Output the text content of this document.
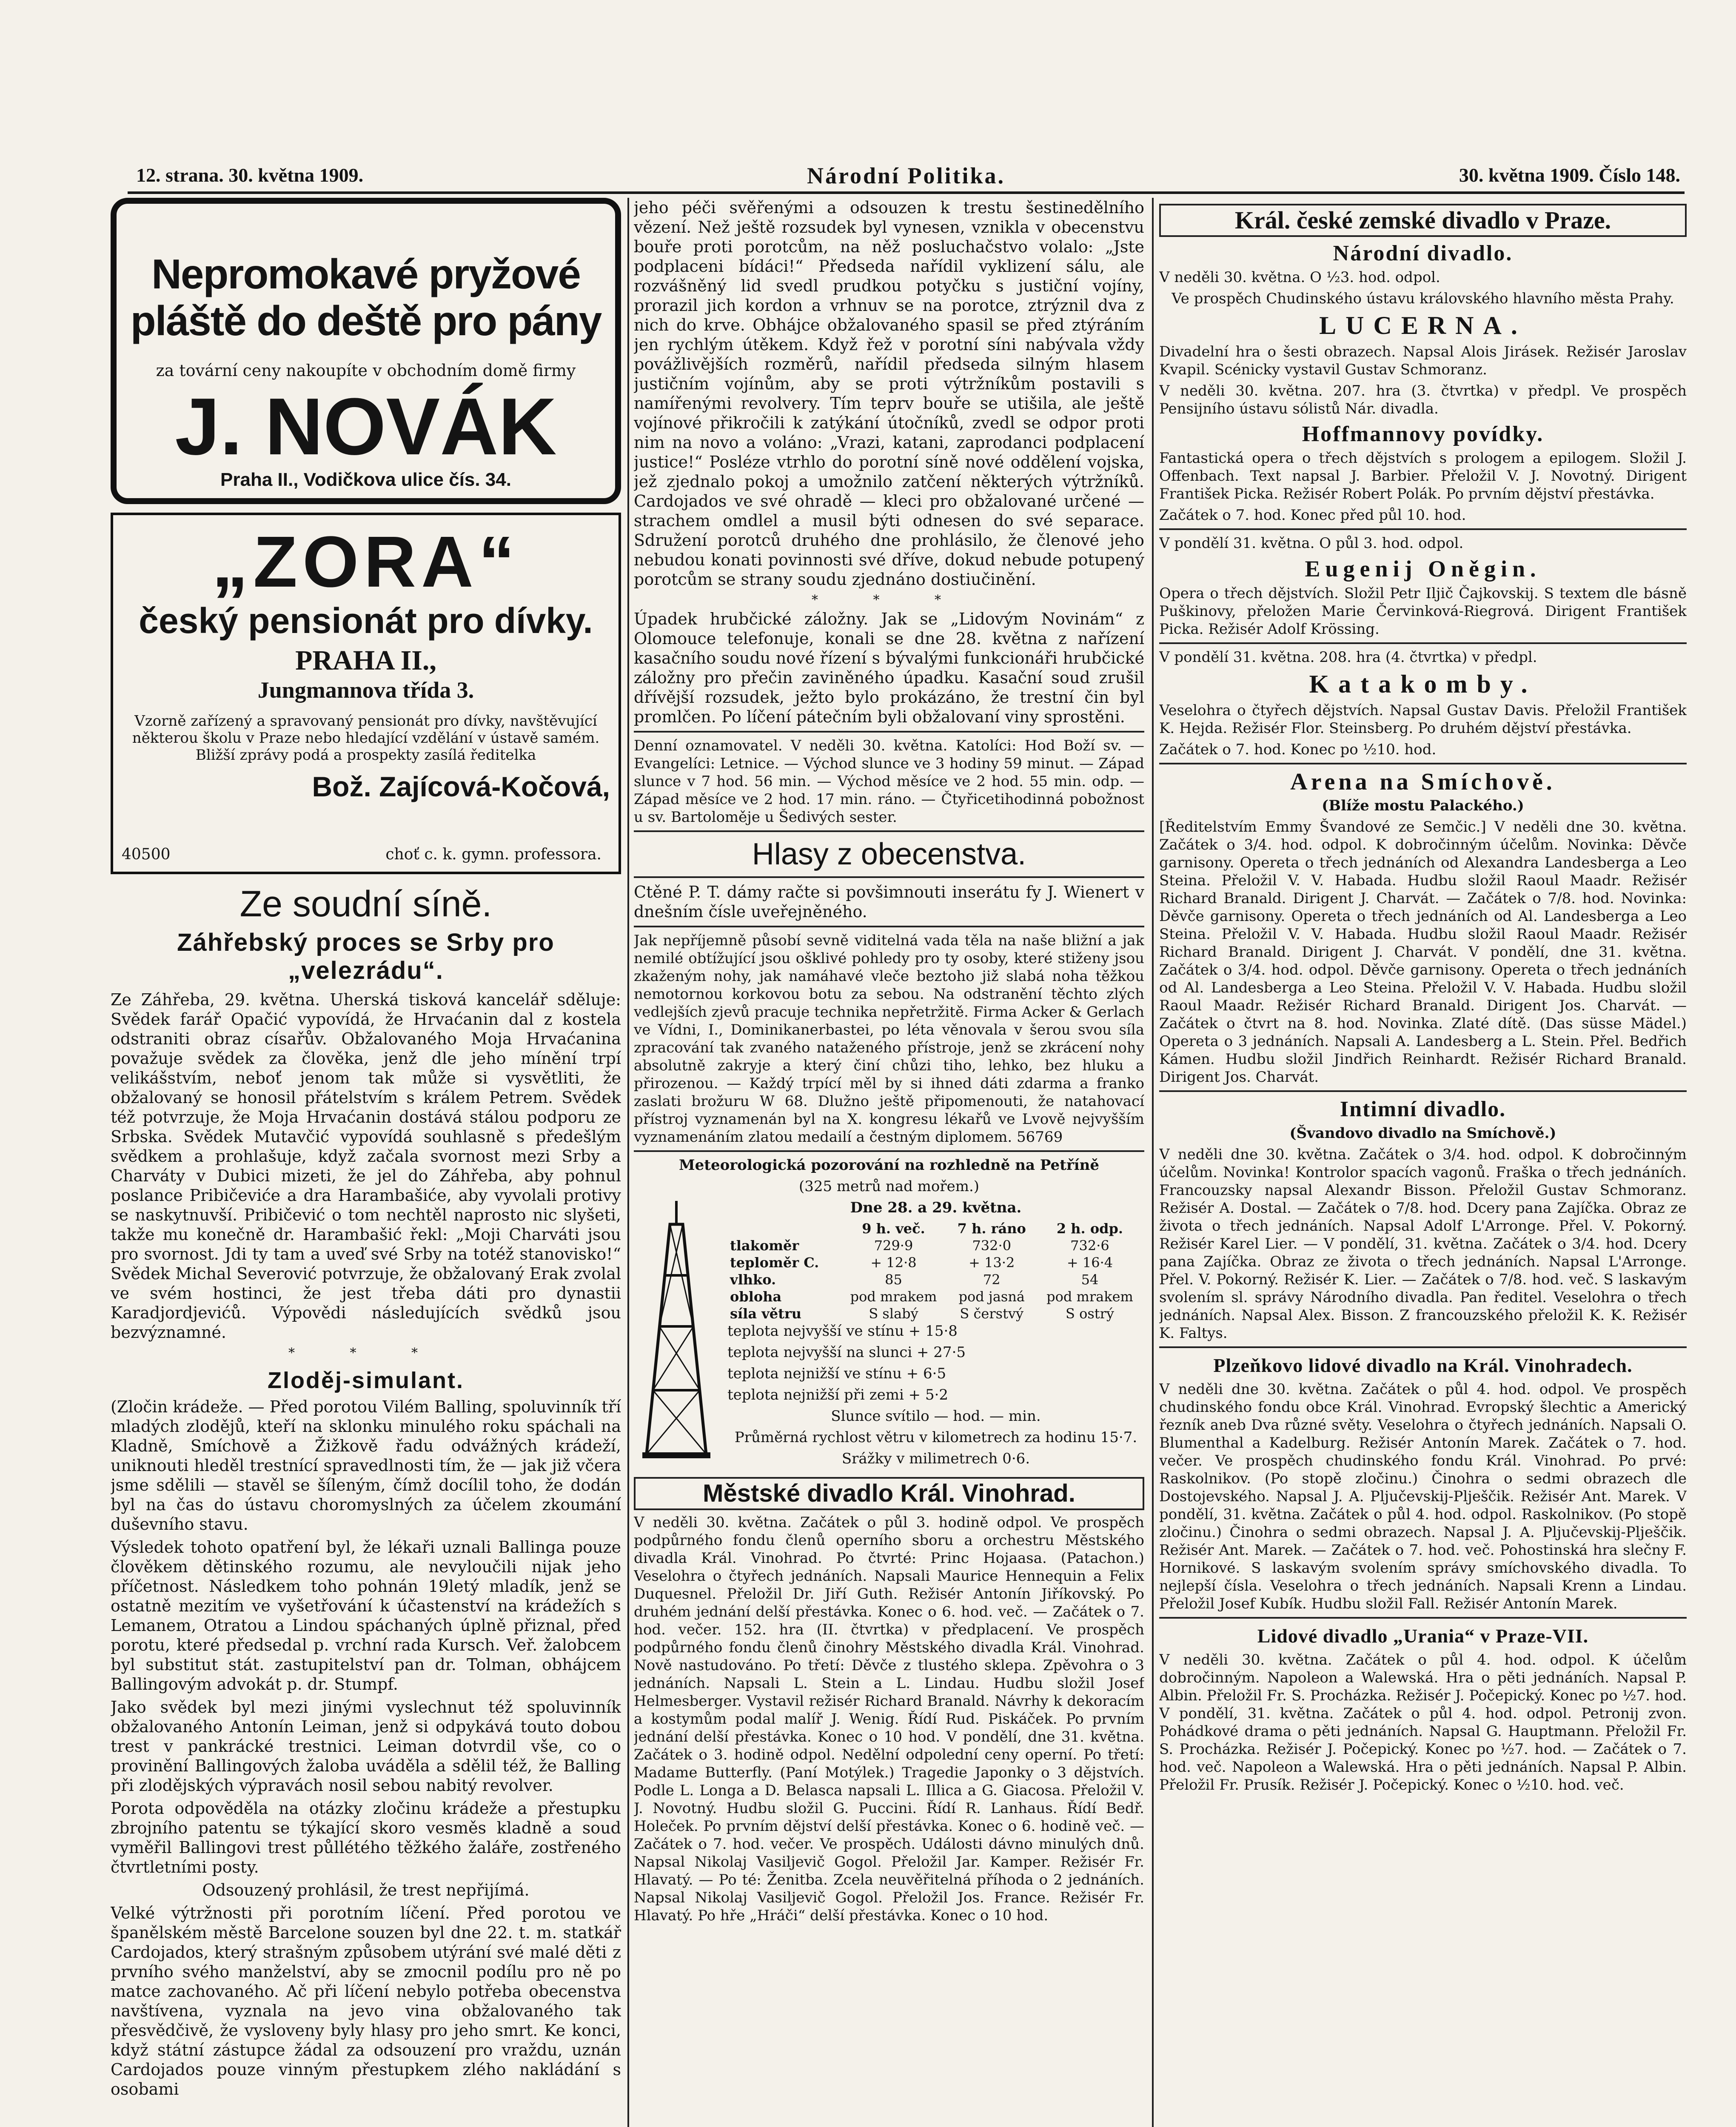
12. strana. 30. května 1909.	Národní Politika.	30. května 1909. Číslo 148.
Nepromokavé pryžové pláště do deště pro pány
za tovární ceny nakoupíte v obchodním domě firmy
J. NOVÁK
Praha II., Vodičkova ulice čís. 34.
„ZORA“
český pensionát pro dívky.
PRAHA II.,
Jungmannova třída 3.
Vzorně zařízený a spravovaný pensionát pro dívky, navštěvující některou školu v Praze nebo hledající vzdělání v ústavě samém. Bližší zprávy podá a prospekty zasílá ředitelka
Bož. Zajícová-Kočová,
40500	choť c. k. gymn. professora.
Ze soudní síně.
Záhřebský proces se Srby pro „velezrádu“.

Ze Záhřeba, 29. května. Uherská tisková kancelář sděluje: Svědek farář Opačić vypovídá, že Hrvaćanin dal z kostela odstraniti obraz císařův. Obžalovaného Moja Hrvaćanina považuje svědek za člověka, jenž dle jeho mínění trpí velikášstvím, neboť jenom tak může si vysvětliti, že obžalovaný se honosil přátelstvím s králem Petrem. Svědek též potvrzuje, že Moja Hrvaćanin dostává stálou podporu ze Srbska. Svědek Mutavčić vypovídá souhlasně s předešlým svědkem a prohlašuje, když začala svornost mezi Srby a Charváty v Dubici mizeti, že jel do Záhřeba, aby pohnul poslance Pribičeviće a dra Harambašiće, aby vyvolali protivy se naskytnuvší. Pribičević o tom nechtěl naprosto nic slyšeti, takže mu konečně dr. Harambašić řekl: „Moji Charváti jsou pro svornost. Jdi ty tam a uveď své Srby na totéž stanovisko!“ Svědek Michal Severović potvrzuje, že obžalovaný Erak zvolal ve svém hostinci, že jest třeba dáti pro dynastii Karadjordjevićů. Výpovědi následujících svědků jsou bezvýznamné.

* * *
Zloděj-simulant.

(Zločin krádeže. — Před porotou Vilém Balling, spoluvinník tří mladých zlodějů, kteří na sklonku minulého roku spáchali na Kladně, Smíchově a Žižkově řadu odvážných krádeží, uniknouti hleděl trestnící spravedlnosti tím, že — jak již včera jsme sdělili — stavěl se šíleným, čímž docílil toho, že dodán byl na čas do ústavu choromyslných za účelem zkoumání duševního stavu.

Výsledek tohoto opatření byl, že lékaři uznali Ballinga pouze člověkem dětinského rozumu, ale nevyloučili nijak jeho příčetnost. Následkem toho pohnán 19letý mladík, jenž se ostatně mezitím ve vyšetřování k účastenství na krádežích s Lemanem, Otratou a Lindou spáchaných úplně přiznal, před porotu, které předsedal p. vrchní rada Kursch. Veř. žalobcem byl substitut stát. zastupitelství pan dr. Tolman, obhájcem Ballingovým advokát p. dr. Stumpf.

Jako svědek byl mezi jinými vyslechnut též spoluvinník obžalovaného Antonín Leiman, jenž si odpykává touto dobou trest v pankrácké trestnici. Leiman dotvrdil vše, co o provinění Ballingových žaloba uváděla a sdělil též, že Balling při zlodějských výpravách nosil sebou nabitý revolver.

Porota odpověděla na otázky zločinu krádeže a přestupku zbrojního patentu se týkající skoro vesměs kladně a soud vyměřil Ballingovi trest půllétého těžkého žaláře, zostřeného čtvrtletními posty.

Odsouzený prohlásil, že trest nepřijímá.

Velké výtržnosti při porotním líčení. Před porotou ve španělském městě Barcelone souzen byl dne 22. t. m. statkář Cardojados, který strašným způsobem utýrání své malé děti z prvního svého manželství, aby se zmocnil podílu pro ně po matce zachovaného. Ač při líčení nebylo potřeba obecenstva navštívena, vyznala na jevo vina obžalovaného tak přesvědčivě, že vysloveny byly hlasy pro jeho smrt. Ke konci, když státní zástupce žádal za odsouzení pro vraždu, uznán Cardojados pouze vinným přestupkem zlého nakládání s osobami

jeho péči svěřenými a odsouzen k trestu šestinedělního vězení. Než ještě rozsudek byl vynesen, vznikla v obecenstvu bouře proti porotcům, na něž posluchačstvo volalo: „Jste podplaceni bídáci!“ Předseda nařídil vyklizení sálu, ale rozvášněný lid svedl prudkou potyčku s justiční vojíny, prorazil jich kordon a vrhnuv se na porotce, ztrýznil dva z nich do krve. Obhájce obžalovaného spasil se před ztýráním jen rychlým útěkem. Když řež v porotní síni nabývala vždy povážlivějších rozměrů, nařídil předseda silným hlasem justičním vojínům, aby se proti výtržníkům postavili s namířenými revolvery. Tím teprv bouře se utišila, ale ještě vojínové přikročili k zatýkání útočníků, zvedl se odpor proti nim na novo a voláno: „Vrazi, katani, zaprodanci podplacení justice!“ Posléze vtrhlo do porotní síně nové oddělení vojska, jež zjednalo pokoj a umožnilo zatčení některých výtržníků. Cardojados ve své ohradě — kleci pro obžalované určené — strachem omdlel a musil býti odnesen do své separace. Sdružení porotců druhého dne prohlásilo, že členové jeho nebudou konati povinnosti své dříve, dokud nebude potupený porotcům se strany soudu zjednáno dostiučinění.

* * *

Úpadek hrubčické záložny. Jak se „Lidovým Novinám“ z Olomouce telefonuje, konali se dne 28. května z nařízení kasačního soudu nové řízení s bývalými funkcionáři hrubčické záložny pro přečin zaviněného úpadku. Kasační soud zrušil dřívější rozsudek, ježto bylo prokázáno, že trestní čin byl promlčen. Po líčení pátečním byli obžalovaní viny sprostěni.

Denní oznamovatel. V neděli 30. května. Katolíci: Hod Boží sv. — Evangelíci: Letnice. — Východ slunce ve 3 hodiny 59 minut. — Západ slunce v 7 hod. 56 min. — Východ měsíce ve 2 hod. 55 min. odp. — Západ měsíce ve 2 hod. 17 min. ráno. — Čtyřicetihodinná pobožnost u sv. Bartoloměje u Šedivých sester.

Hlasy z obecenstva.

Ctěné P. T. dámy račte si povšimnouti inserátu fy J. Wienert v dnešním čísle uveřejněného.

Jak nepříjemně působí sevně viditelná vada těla na naše bližní a jak nemilé obtížující jsou ošklivé pohledy pro ty osoby, které stiženy jsou zkaženým nohy, jak namáhavé vleče beztoho již slabá noha těžkou nemotornou korkovou botu za sebou. Na odstranění těchto zlých vedlejších zjevů pracuje technika nepřetržitě. Firma Acker & Gerlach ve Vídni, I., Dominikanerbastei, po léta věnovala v šerou svou síla zpracování tak zvaného nataženého přístroje, jenž se zkrácení nohy absolutně zakryje a který činí chůzi tiho, lehko, bez hluku a přirozenou. — Každý trpící měl by si ihned dáti zdarma a franko zaslati brožuru W 68. Dlužno ještě připomenouti, že natahovací přístroj vyznamenán byl na X. kongresu lékařů ve Lvově nejvyšším vyznamenáním zlatou medailí a čestným diplomem. 56769

Meteorologická pozorování na rozhledně na Petříně

(325 metrů nad mořem.)

Dne 28. a 29. května.

	9 h. več.	7 h. ráno	2 h. odp.
tlakoměr	729·9	732·0	732·6
teploměr C.	+ 12·8	+ 13·2	+ 16·4
vlhko.	85	72	54
obloha	pod mrakem	pod jasná	pod mrakem
síla větru	S slabý	S čerstvý	S ostrý

teplota nejvyšší ve stínu + 15·8

teplota nejvyšší na slunci + 27·5

teplota nejnižší ve stínu + 6·5

teplota nejnižší při zemi + 5·2

Slunce svítilo — hod. — min.

Průměrná rychlost větru v kilometrech za hodinu 15·7.

Srážky v milimetrech 0·6.

Městské divadlo Král. Vinohrad.

V neděli 30. května. Začátek o půl 3. hodině odpol. Ve prospěch podpůrného fondu členů operního sboru a orchestru Městského divadla Král. Vinohrad. Po čtvrté: Princ Hojaasa. (Patachon.) Veselohra o čtyřech jednáních. Napsali Maurice Hennequin a Felix Duquesnel. Přeložil Dr. Jiří Guth. Režisér Antonín Jiříkovský. Po druhém jednání delší přestávka. Konec o 6. hod. več. — Začátek o 7. hod. večer. 152. hra (II. čtvrtka) v předplacení. Ve prospěch podpůrného fondu členů činohry Městského divadla Král. Vinohrad. Nově nastudováno. Po třetí: Děvče z tlustého sklepa. Zpěvohra o 3 jednáních. Napsali L. Stein a L. Lindau. Hudbu složil Josef Helmesberger. Vystavil režisér Richard Branald. Návrhy k dekoracím a kostymům podal malíř J. Wenig. Řídí Rud. Piskáček. Po prvním jednání delší přestávka. Konec o 10 hod. V pondělí, dne 31. května. Začátek o 3. hodině odpol. Nedělní odpolední ceny operní. Po třetí: Madame Butterfly. (Paní Motýlek.) Tragedie Japonky o 3 dějstvích. Podle L. Longa a D. Belasca napsali L. Illica a G. Giacosa. Přeložil V. J. Novotný. Hudbu složil G. Puccini. Řídí R. Lanhaus. Řídí Bedř. Holeček. Po prvním dějství delší přestávka. Konec o 6. hodině več. — Začátek o 7. hod. večer. Ve prospěch. Události dávno minulých dnů. Napsal Nikolaj Vasiljevič Gogol. Přeložil Jar. Kamper. Režisér Fr. Hlavatý. — Po té: Ženitba. Zcela neuvěřitelná příhoda o 2 jednáních. Napsal Nikolaj Vasiljevič Gogol. Přeložil Jos. France. Režisér Fr. Hlavatý. Po hře „Hráči“ delší přestávka. Konec o 10 hod.

Král. české zemské divadlo v Praze.
Národní divadlo.

V neděli 30. května. O ½3. hod. odpol.

Ve prospěch Chudinského ústavu královského hlavního města Prahy.

LUCERNA.

Divadelní hra o šesti obrazech. Napsal Alois Jirásek. Režisér Jaroslav Kvapil. Scénicky vystavil Gustav Schmoranz.

V neděli 30. května. 207. hra (3. čtvrtka) v předpl. Ve prospěch Pensijního ústavu sólistů Nár. divadla.

Hoffmannovy povídky.

Fantastická opera o třech dějstvích s prologem a epilogem. Složil J. Offenbach. Text napsal J. Barbier. Přeložil V. J. Novotný. Dirigent František Picka. Režisér Robert Polák. Po prvním dějství přestávka.

Začátek o 7. hod. Konec před půl 10. hod.

V pondělí 31. května. O půl 3. hod. odpol.

Eugenij Oněgin.

Opera o třech dějstvích. Složil Petr Iljič Čajkovskij. S textem dle básně Puškinovy, přeložen Marie Červinková-Riegrová. Dirigent František Picka. Režisér Adolf Krössing.

V pondělí 31. května. 208. hra (4. čtvrtka) v předpl.

Katakomby.

Veselohra o čtyřech dějstvích. Napsal Gustav Davis. Přeložil František K. Hejda. Režisér Flor. Steinsberg. Po druhém dějství přestávka.

Začátek o 7. hod. Konec po ½10. hod.

Arena na Smíchově.

(Blíže mostu Palackého.)

[Ředitelstvím Emmy Švandové ze Semčic.] V neděli dne 30. května. Začátek o 3/4. hod. odpol. K dobročinným účelům. Novinka: Děvče garnisony. Opereta o třech jednáních od Alexandra Landesberga a Leo Steina. Přeložil V. V. Habada. Hudbu složil Raoul Maadr. Režisér Richard Branald. Dirigent J. Charvát. — Začátek o 7/8. hod. Novinka: Děvče garnisony. Opereta o třech jednáních od Al. Landesberga a Leo Steina. Přeložil V. V. Habada. Hudbu složil Raoul Maadr. Režisér Richard Branald. Dirigent J. Charvát. V pondělí, dne 31. května. Začátek o 3/4. hod. odpol. Děvče garnisony. Opereta o třech jednáních od Al. Landesberga a Leo Steina. Přeložil V. V. Habada. Hudbu složil Raoul Maadr. Režisér Richard Branald. Dirigent Jos. Charvát. — Začátek o čtvrt na 8. hod. Novinka. Zlaté dítě. (Das süsse Mädel.) Opereta o 3 jednáních. Napsali A. Landesberg a L. Stein. Přel. Bedřich Kámen. Hudbu složil Jindřich Reinhardt. Režisér Richard Branald. Dirigent Jos. Charvát.

Intimní divadlo.

(Švandovo divadlo na Smíchově.)

V neděli dne 30. května. Začátek o 3/4. hod. odpol. K dobročinným účelům. Novinka! Kontrolor spacích vagonů. Fraška o třech jednáních. Francouzsky napsal Alexandr Bisson. Přeložil Gustav Schmoranz. Režisér A. Dostal. — Začátek o 7/8. hod. Dcery pana Zajíčka. Obraz ze života o třech jednáních. Napsal Adolf L'Arronge. Přel. V. Pokorný. Režisér Karel Lier. — V pondělí, 31. května. Začátek o 3/4. hod. Dcery pana Zajíčka. Obraz ze života o třech jednáních. Napsal L'Arronge. Přel. V. Pokorný. Režisér K. Lier. — Začátek o 7/8. hod. več. S laskavým svolením sl. správy Národního divadla. Pan ředitel. Veselohra o třech jednáních. Napsal Alex. Bisson. Z francouzského přeložil K. K. Režisér K. Faltys.

Plzeňkovo lidové divadlo na Král. Vinohradech.

V neděli dne 30. května. Začátek o půl 4. hod. odpol. Ve prospěch chudinského fondu obce Král. Vinohrad. Evropský šlechtic a Americký řezník aneb Dva různé světy. Veselohra o čtyřech jednáních. Napsali O. Blumenthal a Kadelburg. Režisér Antonín Marek. Začátek o 7. hod. večer. Ve prospěch chudinského fondu Král. Vinohrad. Po prvé: Raskolnikov. (Po stopě zločinu.) Činohra o sedmi obrazech dle Dostojevského. Napsal J. A. Pljučevskij-Plješčik. Režisér Ant. Marek. V pondělí, 31. května. Začátek o půl 4. hod. odpol. Raskolnikov. (Po stopě zločinu.) Činohra o sedmi obrazech. Napsal J. A. Pljučevskij-Plješčik. Režisér Ant. Marek. — Začátek o 7. hod. več. Pohostinská hra slečny F. Hornikové. S laskavým svolením správy smíchovského divadla. To nejlepší čísla. Veselohra o třech jednáních. Napsali Krenn a Lindau. Přeložil Josef Kubík. Hudbu složil Fall. Režisér Antonín Marek.

Lidové divadlo „Urania“ v Praze-VII.

V neděli 30. května. Začátek o půl 4. hod. odpol. K účelům dobročinným. Napoleon a Walewská. Hra o pěti jednáních. Napsal P. Albin. Přeložil Fr. S. Procházka. Režisér J. Počepický. Konec po ½7. hod. V pondělí, 31. května. Začátek o půl 4. hod. odpol. Petronij zvon. Pohádkové drama o pěti jednáních. Napsal G. Hauptmann. Přeložil Fr. S. Procházka. Režisér J. Počepický. Konec po ½7. hod. — Začátek o 7. hod. več. Napoleon a Walewská. Hra o pěti jednáních. Napsal P. Albin. Přeložil Fr. Prusík. Režisér J. Počepický. Konec o ½10. hod. več.
